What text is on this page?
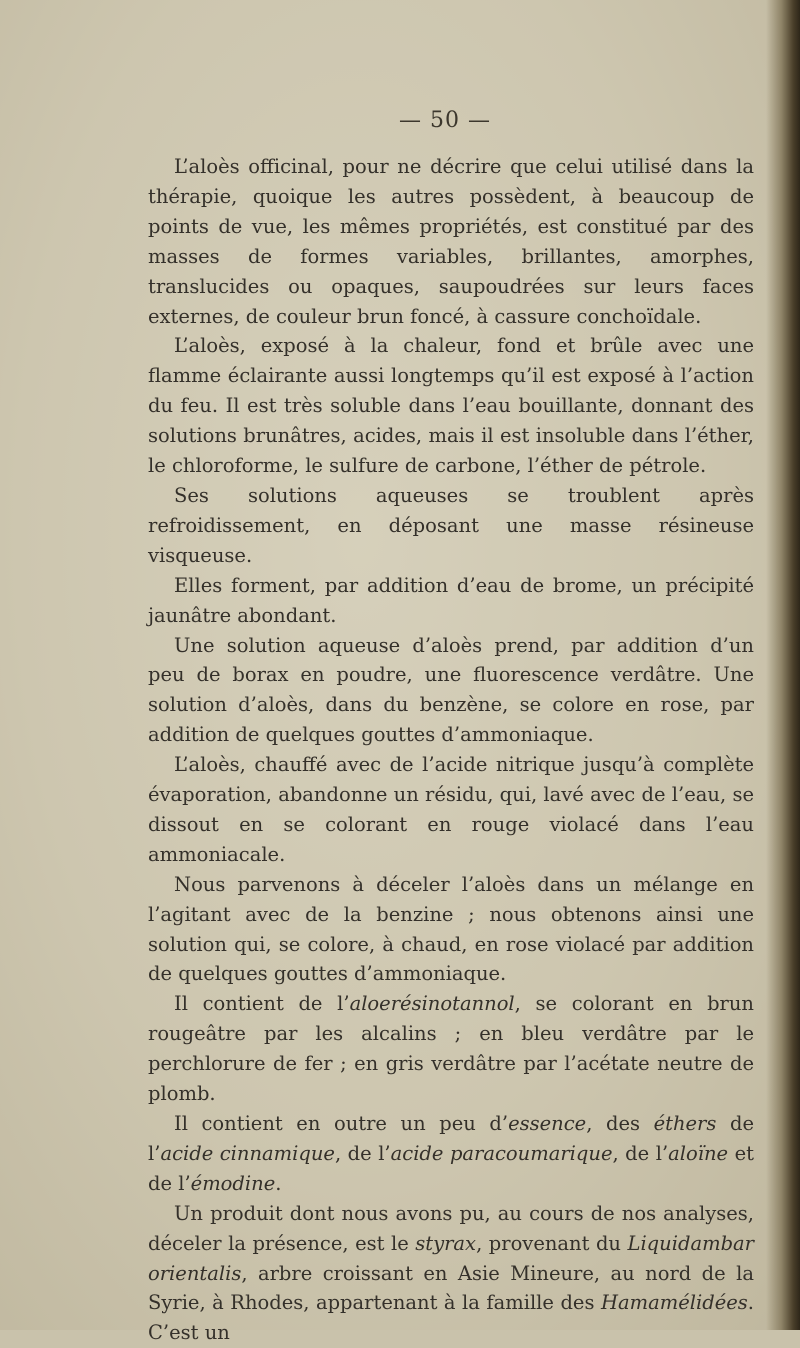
— 50 —

L’aloès officinal, pour ne décrire que celui utilisé dans la thérapie, quoique les autres possèdent, à beaucoup de points de vue, les mêmes propriétés, est constitué par des masses de formes variables, brillantes, amorphes, translucides ou opaques, saupoudrées sur leurs faces externes, de couleur brun foncé, à cassure conchoïdale.

L’aloès, exposé à la chaleur, fond et brûle avec une flamme éclairante aussi longtemps qu’il est exposé à l’action du feu. Il est très soluble dans l’eau bouillante, donnant des solutions brunâtres, acides, mais il est insoluble dans l’éther, le chloroforme, le sulfure de carbone, l’éther de pétrole.

Ses solutions aqueuses se troublent après refroidissement, en déposant une masse résineuse visqueuse.

Elles forment, par addition d’eau de brome, un précipité jaunâtre abondant.

Une solution aqueuse d’aloès prend, par addition d’un peu de borax en poudre, une fluorescence verdâtre. Une solution d’aloès, dans du benzène, se colore en rose, par addition de quelques gouttes d’ammoniaque.

L’aloès, chauffé avec de l’acide nitrique jusqu’à complète évaporation, abandonne un résidu, qui, lavé avec de l’eau, se dissout en se colorant en rouge violacé dans l’eau ammoniacale.

Nous parvenons à déceler l’aloès dans un mélange en l’agitant avec de la benzine ; nous obtenons ainsi une solution qui, se colore, à chaud, en rose violacé par addition de quelques gouttes d’ammoniaque.

Il contient de l’aloerésinotannol, se colorant en brun rougeâtre par les alcalins ; en bleu verdâtre par le perchlorure de fer ; en gris verdâtre par l’acétate neutre de plomb.

Il contient en outre un peu d’essence, des éthers de l’acide cinnamique, de l’acide paracoumarique, de l’aloïne et de l’émodine.

Un produit dont nous avons pu, au cours de nos analyses, déceler la présence, est le styrax, provenant du Liquidambar orientalis, arbre croissant en Asie Mineure, au nord de la Syrie, à Rhodes, appartenant à la famille des Hamamélidées. C’est un
